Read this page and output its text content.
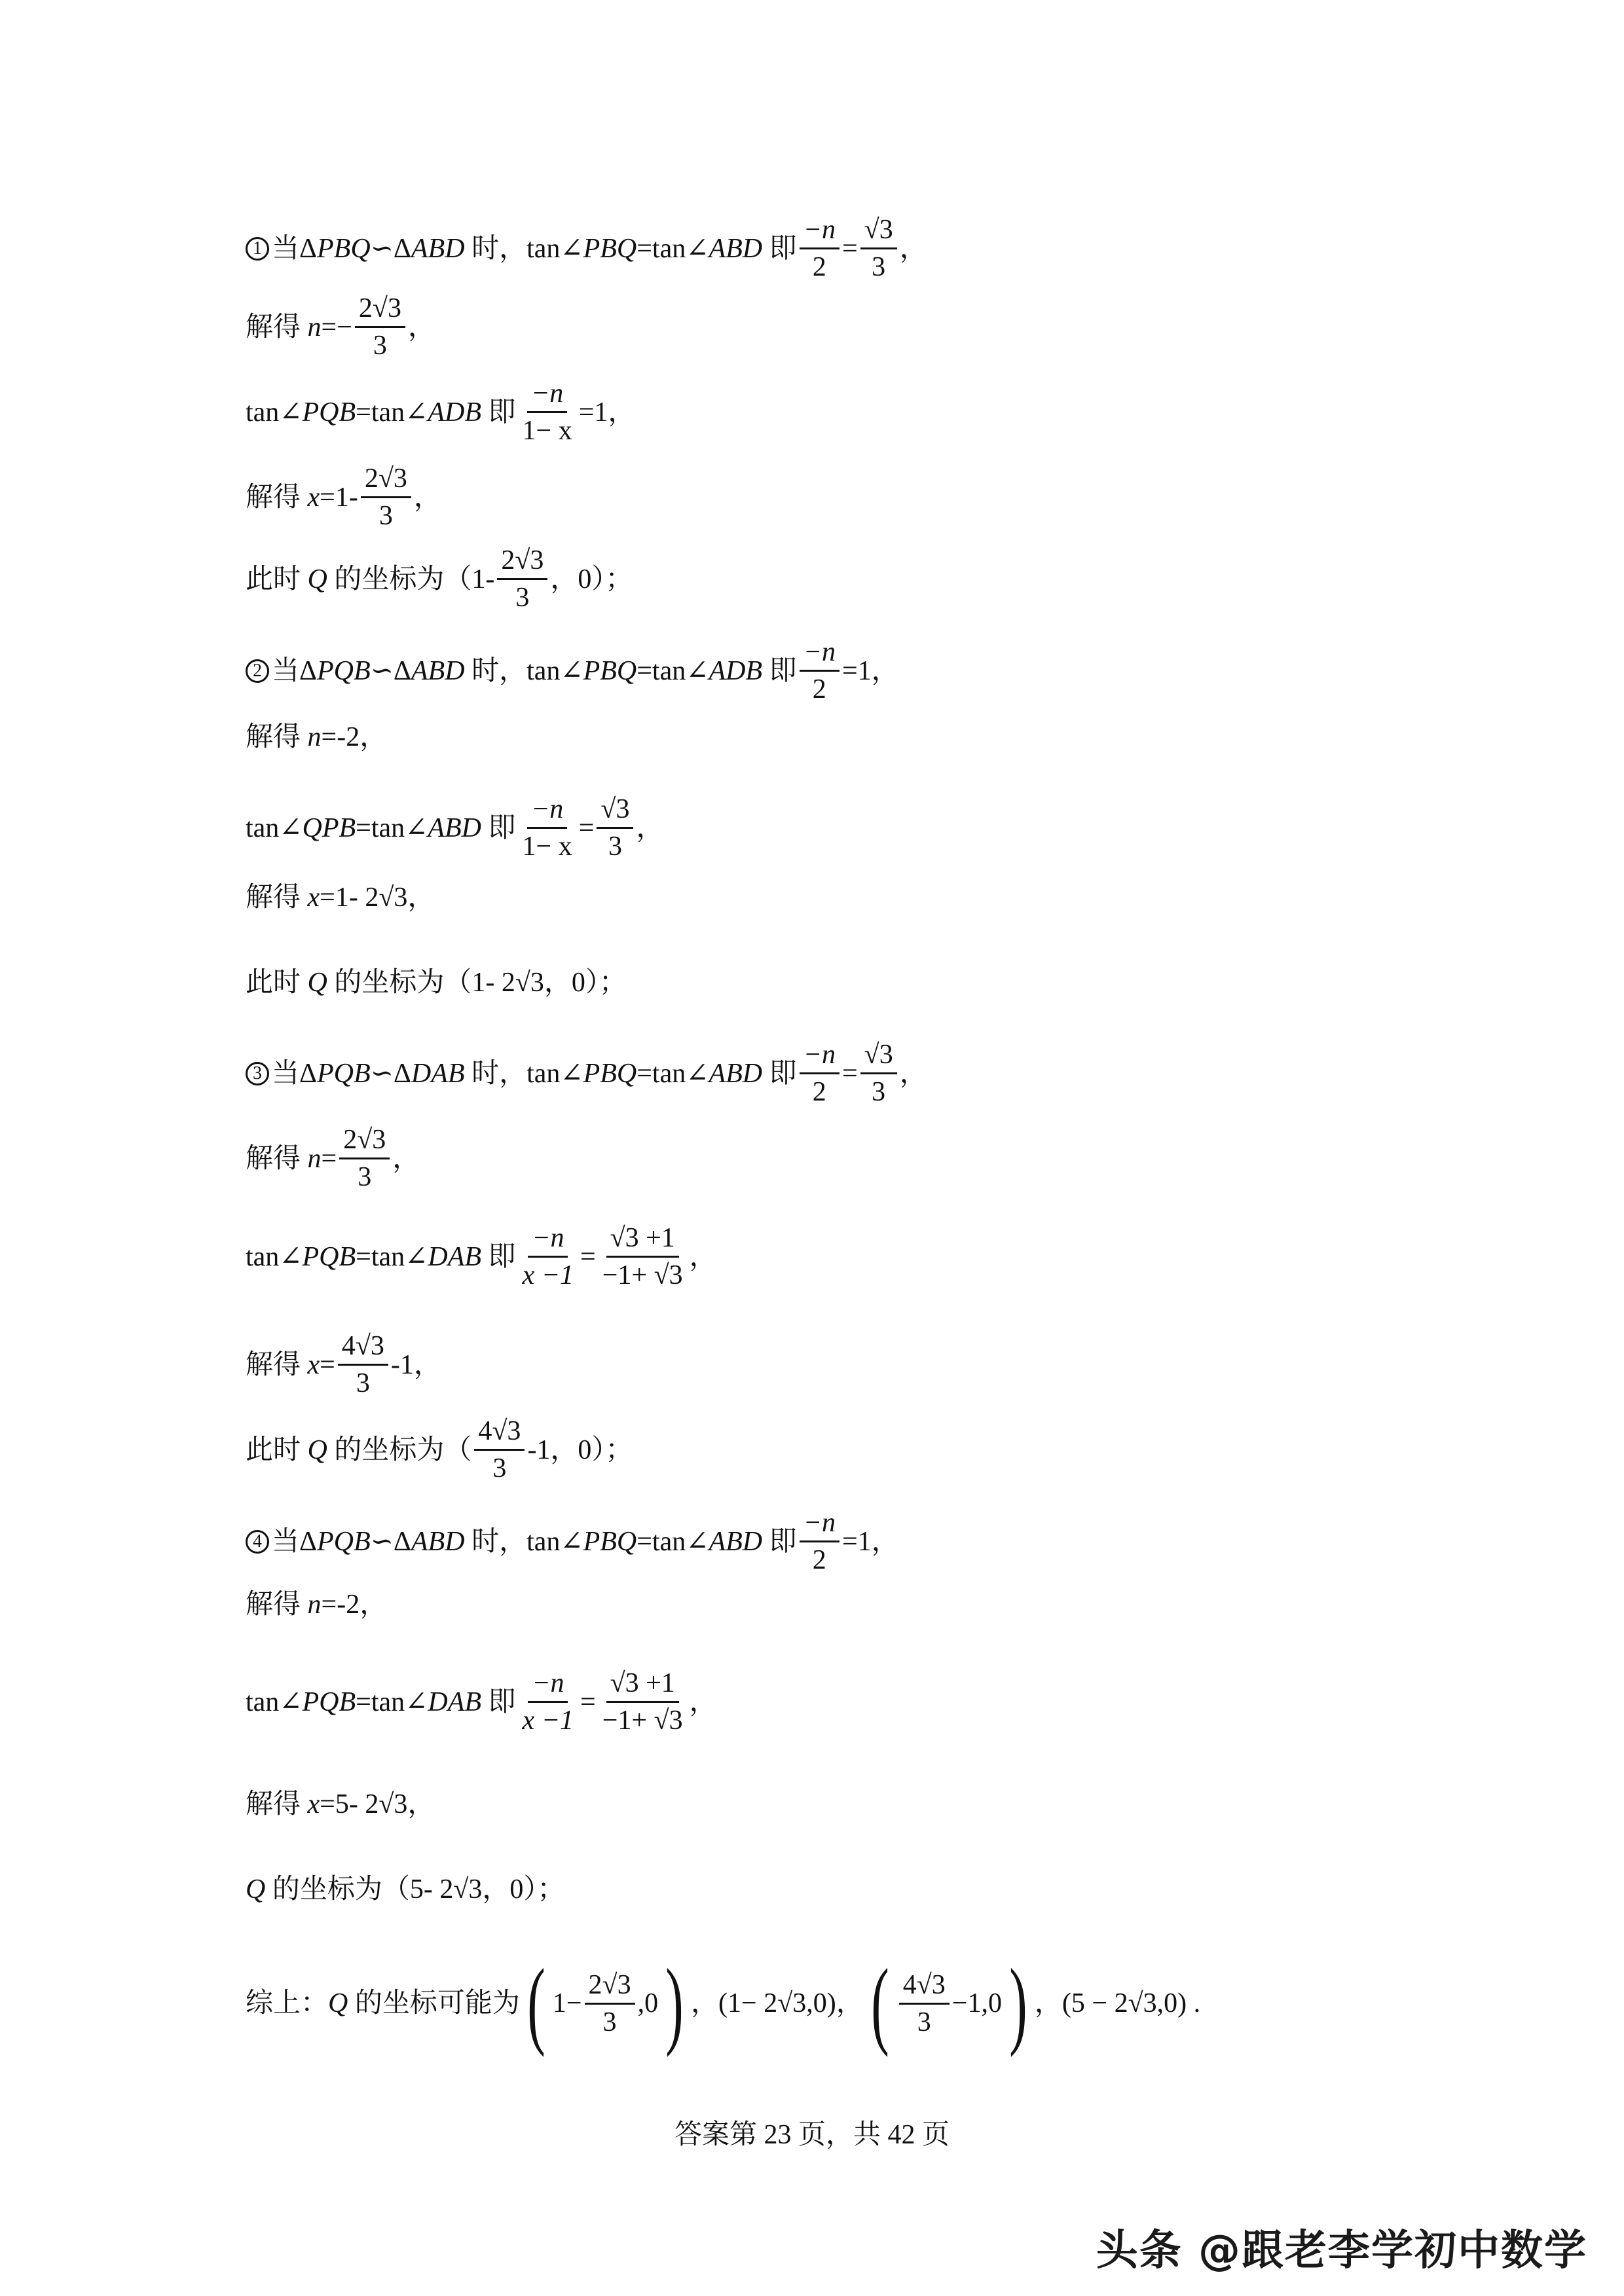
1 当 Δ PBQ ∽ Δ ABD 时，tan∠ PBQ =tan∠ ABD 即 $\frac{-n}{2} = \frac{√3}{3}$ ，
解得 $n =- \frac{2√3}{3}$ ，
tan∠ PQB =tan∠ ADB 即 $\frac{-n}{1- x} =1$，
解得 $x =1- \frac{2√3}{3}$ ，
此时 Q 的坐标为（$1- \frac{2√3}{3}$ ，0）；
2 当 Δ PQB ∽ Δ ABD 时，tan∠ PBQ =tan∠ ADB 即 $\frac{-n}{2} =1$，
解得 n =-2，
tan∠ QPB =tan∠ ABD 即 $\frac{-n}{1- x} = \frac{√3}{3}$ ，
解得 x =1- 2√3，
此时 Q 的坐标为（1- 2√3，0）；
3 当 Δ PQB ∽ Δ DAB 时，tan∠ PBQ =tan∠ ABD 即 $\frac{-n}{2} = \frac{√3}{3}$ ，
解得 $n = \frac{2√3}{3}$ ，
tan∠ PQB =tan∠ DAB 即 $\frac{-n}{x -1} = \frac{√3 +1}{-1+ √3}$ ，
解得 $x = \frac{4√3}{3} -1$，
此时 Q 的坐标为（ $\frac{4√3}{3} -1$，0）；
4 当 Δ PQB ∽ Δ ABD 时，tan∠ PBQ =tan∠ ABD 即 $\frac{-n}{2} =1$，
解得 n =-2，
tan∠ PQB =tan∠ DAB 即 $\frac{-n}{x -1} = \frac{√3 +1}{-1+ √3}$ ，
解得 x =5- 2√3，
Q 的坐标为（5- 2√3，0）；
综上： Q 的坐标可能为 ( $1- \frac{2√3}{3} ,0$ ) ，(1− 2√3,0)， ( $\frac{4√3}{3} -1,0$ ) ，(5 − 2√3,0) .
答案第 23 页，共 42 页
头条 @跟老李学初中数学
